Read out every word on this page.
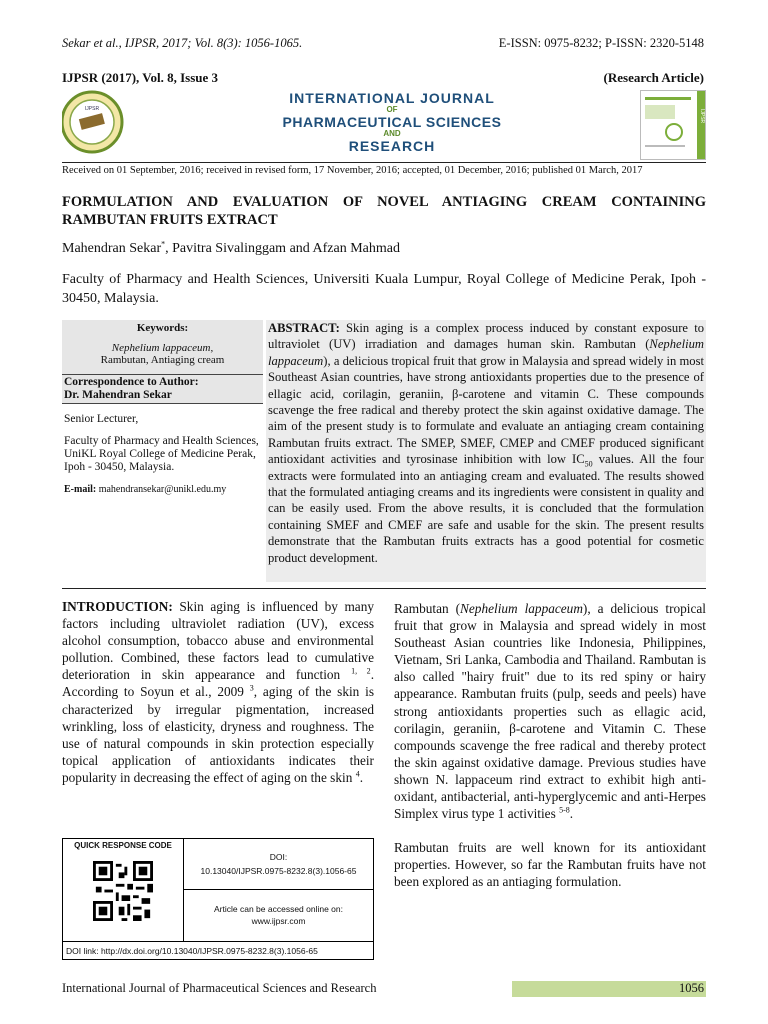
Sekar et al., IJPSR, 2017; Vol. 8(3): 1056-1065.	E-ISSN: 0975-8232; P-ISSN: 2320-5148
IJPSR (2017), Vol. 8, Issue 3	(Research Article)
IJPSR
INTERNATIONAL JOURNAL
OF
PHARMACEUTICAL SCIENCES
AND
RESEARCH
IJPSR
Received on 01 September, 2016; received in revised form, 17 November, 2016; accepted, 01 December, 2016; published 01 March, 2017
FORMULATION AND EVALUATION OF NOVEL ANTIAGING CREAM CONTAINING RAMBUTAN FRUITS EXTRACT
Mahendran Sekar*, Pavitra Sivalinggam and Afzan Mahmad
Faculty of Pharmacy and Health Sciences, Universiti Kuala Lumpur, Royal College of Medicine Perak, Ipoh - 30450, Malaysia.
Keywords:
Nephelium lappaceum,
Rambutan, Antiaging cream
Correspondence to Author:
Dr. Mahendran Sekar
Senior Lecturer,
Faculty of Pharmacy and Health Sciences, UniKL Royal College of Medicine Perak, Ipoh - 30450, Malaysia.
E-mail: mahendransekar@unikl.edu.my
ABSTRACT: Skin aging is a complex process induced by constant exposure to ultraviolet (UV) irradiation and damages human skin. Rambutan (Nephelium lappaceum), a delicious tropical fruit that grow in Malaysia and spread widely in most Southeast Asian countries, have strong antioxidants properties due to the presence of ellagic acid, corilagin, geraniin, β-carotene and vitamin C. These compounds scavenge the free radical and thereby protect the skin against oxidative damage. The aim of the present study is to formulate and evaluate an antiaging cream containing Rambutan fruits extract. The SMEP, SMEF, CMEP and CMEF produced significant antioxidant activities and tyrosinase inhibition with low $IC_{50}$ values. All the four extracts were formulated into an antiaging cream and evaluated. The results showed that the formulated antiaging creams and its ingredients were consistent in quality and can be easily used. From the above results, it is concluded that the formulation containing SMEF and CMEF are safe and usable for the skin. The present results demonstrate that the Rambutan fruits extracts has a good potential for cosmetic product development.
INTRODUCTION: Skin aging is influenced by many factors including ultraviolet radiation (UV), excess alcohol consumption, tobacco abuse and environmental pollution. Combined, these factors lead to cumulative deterioration in skin appearance and function $^{1, 2}$. According to Soyun et al., 2009 $^3$, aging of the skin is characterized by irregular pigmentation, increased wrinkling, loss of elasticity, dryness and roughness. The use of natural compounds in skin protection especially topical application of antioxidants indicates their popularity in decreasing the effect of aging on the skin $^4$.
QUICK RESPONSE CODE
DOI:
10.13040/IJPSR.0975-8232.8(3).1056-65
Article can be accessed online on:
www.ijpsr.com
DOI link: http://dx.doi.org/10.13040/IJPSR.0975-8232.8(3).1056-65

Rambutan (Nephelium lappaceum), a delicious tropical fruit that grow in Malaysia and spread widely in most Southeast Asian countries like Indonesia, Philippines, Vietnam, Sri Lanka, Cambodia and Thailand. Rambutan is also called "hairy fruit" due to its red spiny or hairy appearance. Rambutan fruits (pulp, seeds and peels) have strong antioxidants properties such as ellagic acid, corilagin, geraniin, β-carotene and Vitamin C. These compounds scavenge the free radical and thereby protect the skin against oxidative damage. Previous studies have shown N. lappaceum rind extract to exhibit high anti-oxidant, antibacterial, anti-hyperglycemic and anti-Herpes Simplex virus type 1 activities $^{5-8}$.

Rambutan fruits are well known for its antioxidant properties. However, so far the Rambutan fruits have not been explored as an antiaging formulation.

International Journal of Pharmaceutical Sciences and Research	1056
